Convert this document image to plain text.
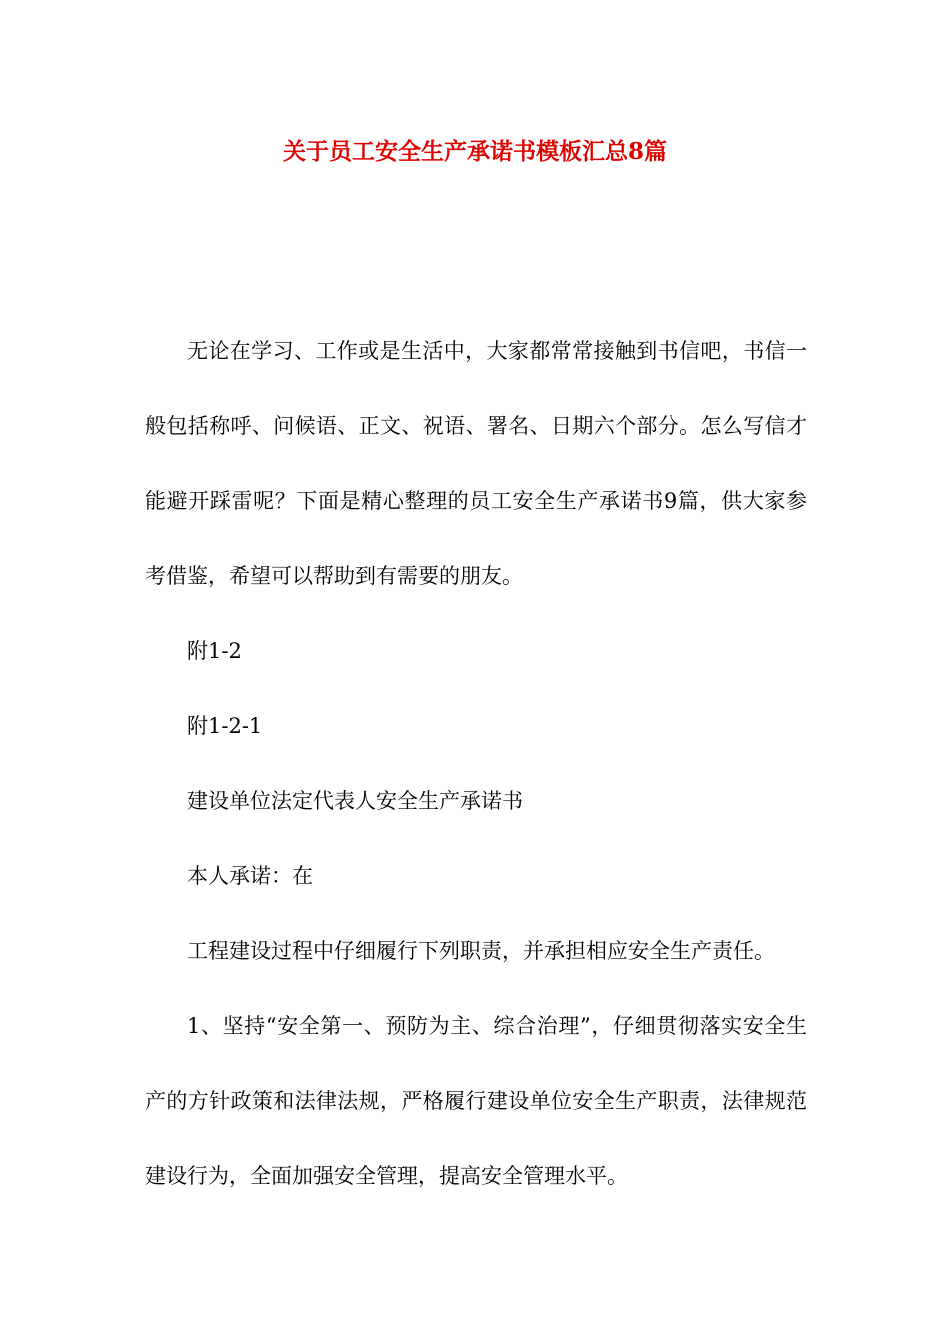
关于员工安全生产承诺书模板汇总8篇

无论在学习、工作或是生活中，大家都常常接触到书信吧，书信一般包括称呼、问候语、正文、祝语、署名、日期六个部分。怎么写信才能避开踩雷呢？下面是精心整理的员工安全生产承诺书9篇，供大家参考借鉴，希望可以帮助到有需要的朋友。

附1-2

附1-2-1

建设单位法定代表人安全生产承诺书

本人承诺：在

工程建设过程中仔细履行下列职责，并承担相应安全生产责任。

1、坚持“安全第一、预防为主、综合治理”，仔细贯彻落实安全生产的方针政策和法律法规，严格履行建设单位安全生产职责，法律规范建设行为，全面加强安全管理，提高安全管理水平。
